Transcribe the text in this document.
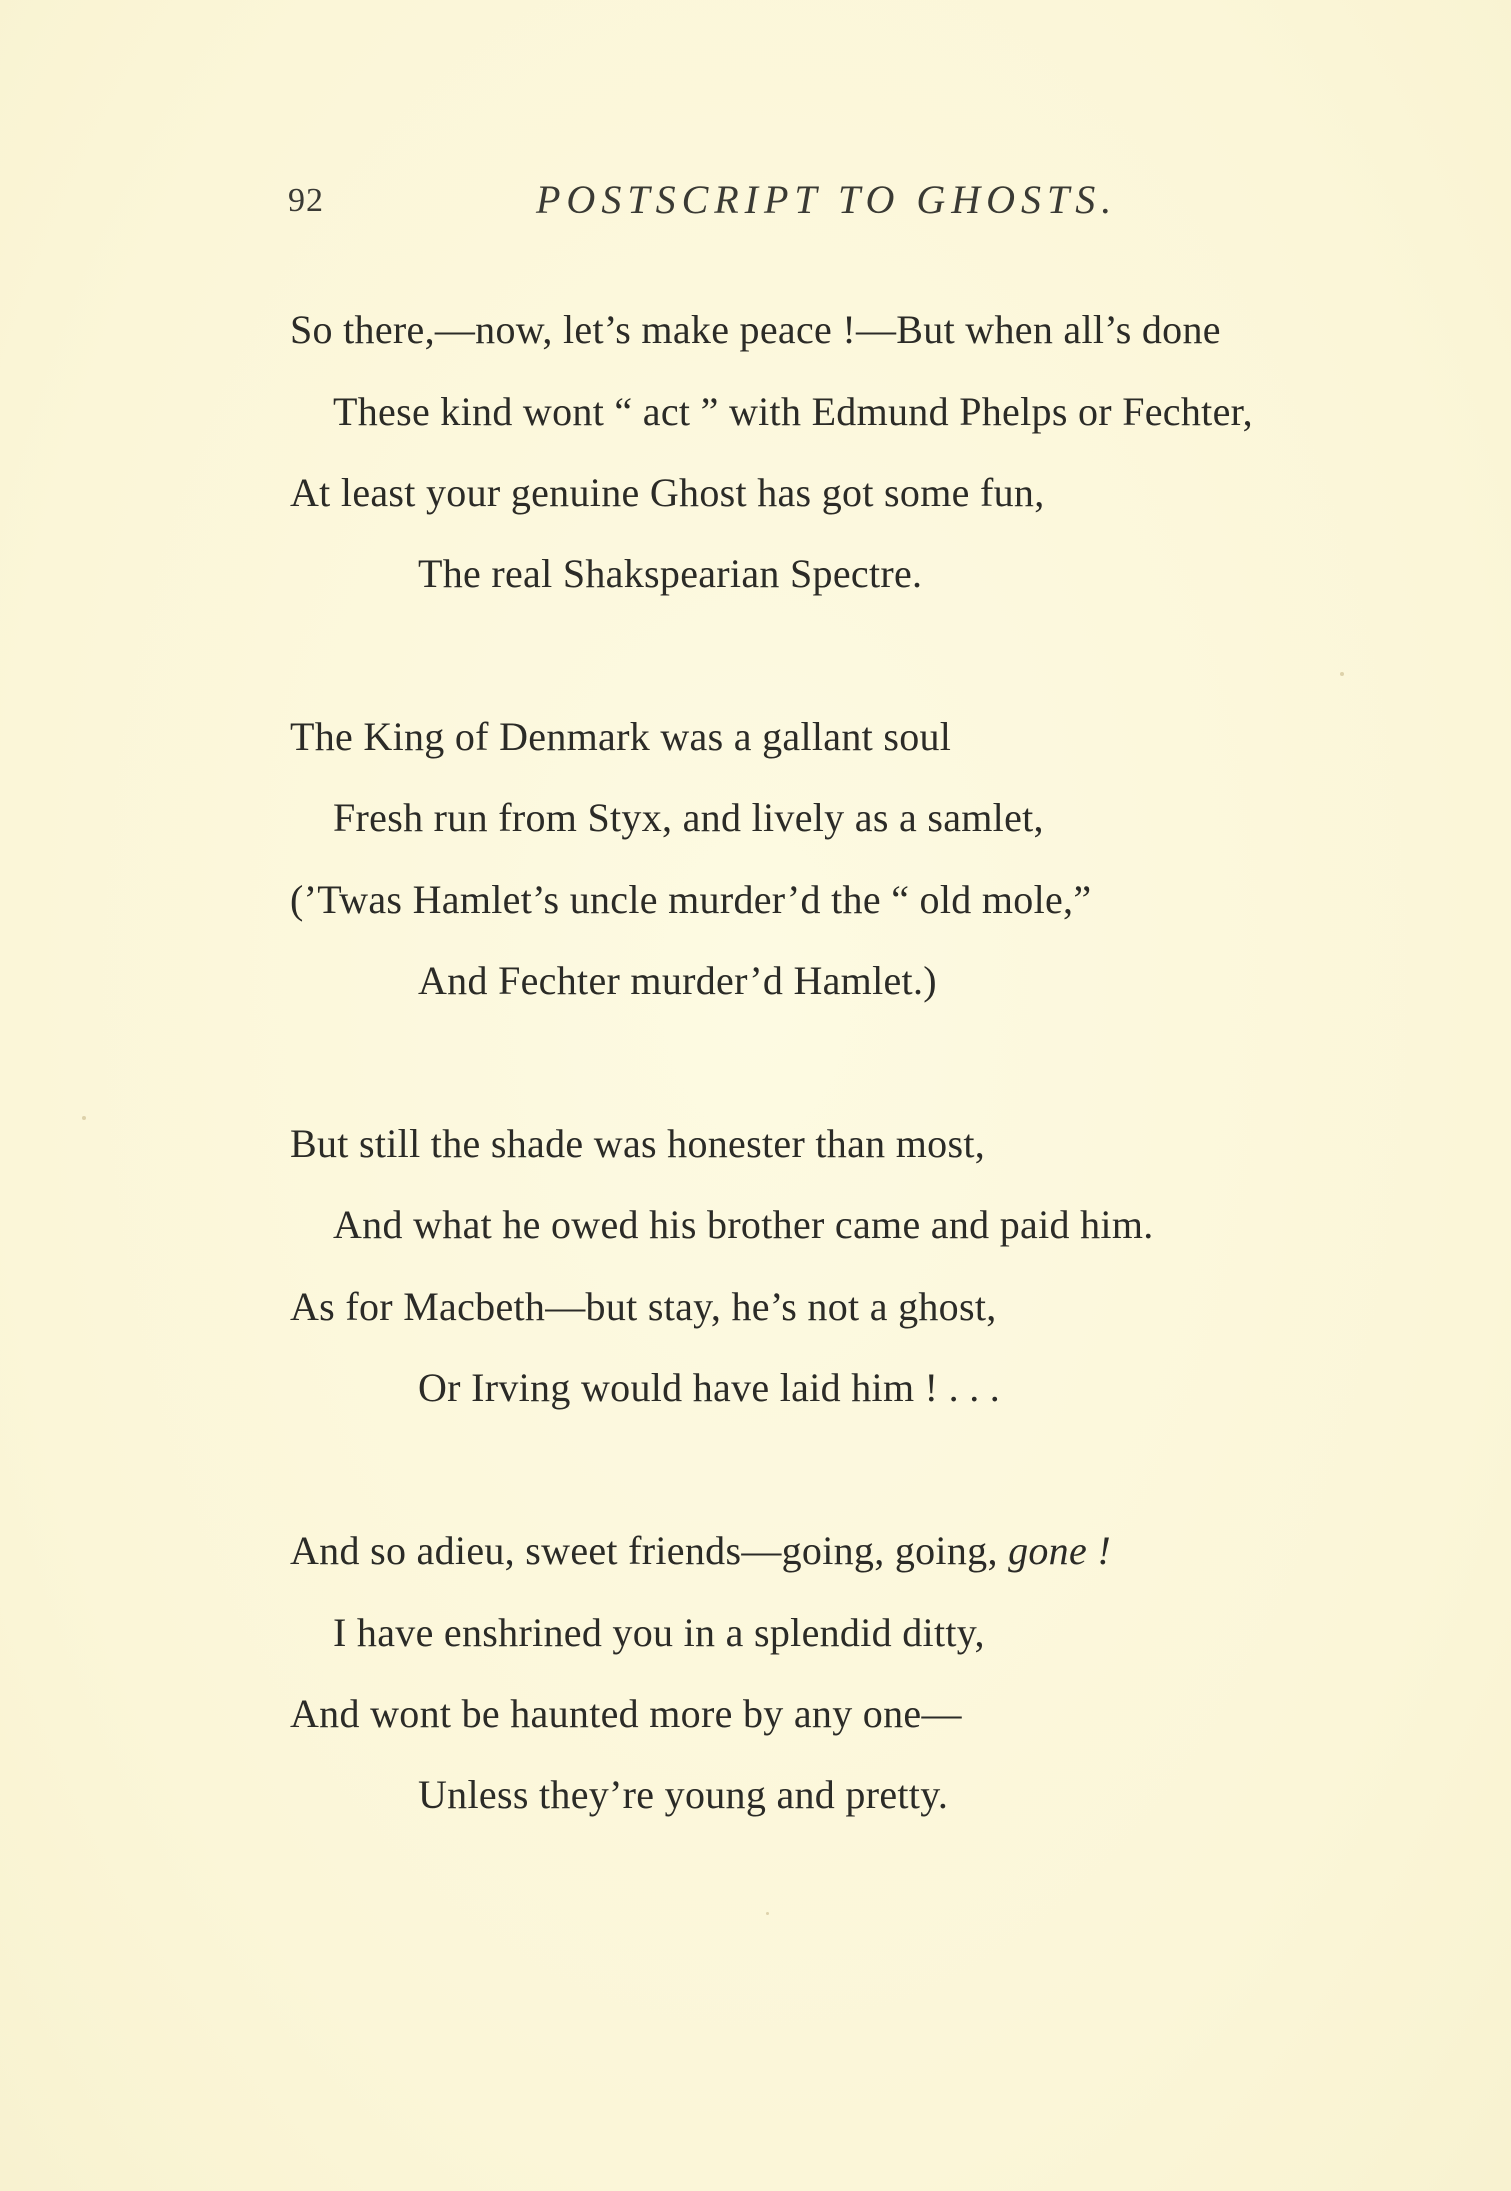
92	POSTSCRIPT TO GHOSTS.
So there,—now, let’s make peace !—But when all’s done
These kind wont “ act ” with Edmund Phelps or Fechter,
At least your genuine Ghost has got some fun,
The real Shakspearian Spectre.
The King of Denmark was a gallant soul
Fresh run from Styx, and lively as a samlet,
(’Twas Hamlet’s uncle murder’d the “ old mole,”
And Fechter murder’d Hamlet.)
But still the shade was honester than most,
And what he owed his brother came and paid him.
As for Macbeth—but stay, he’s not a ghost,
Or Irving would have laid him ! . . .
And so adieu, sweet friends—going, going, gone !
I have enshrined you in a splendid ditty,
And wont be haunted more by any one—
Unless they’re young and pretty.
